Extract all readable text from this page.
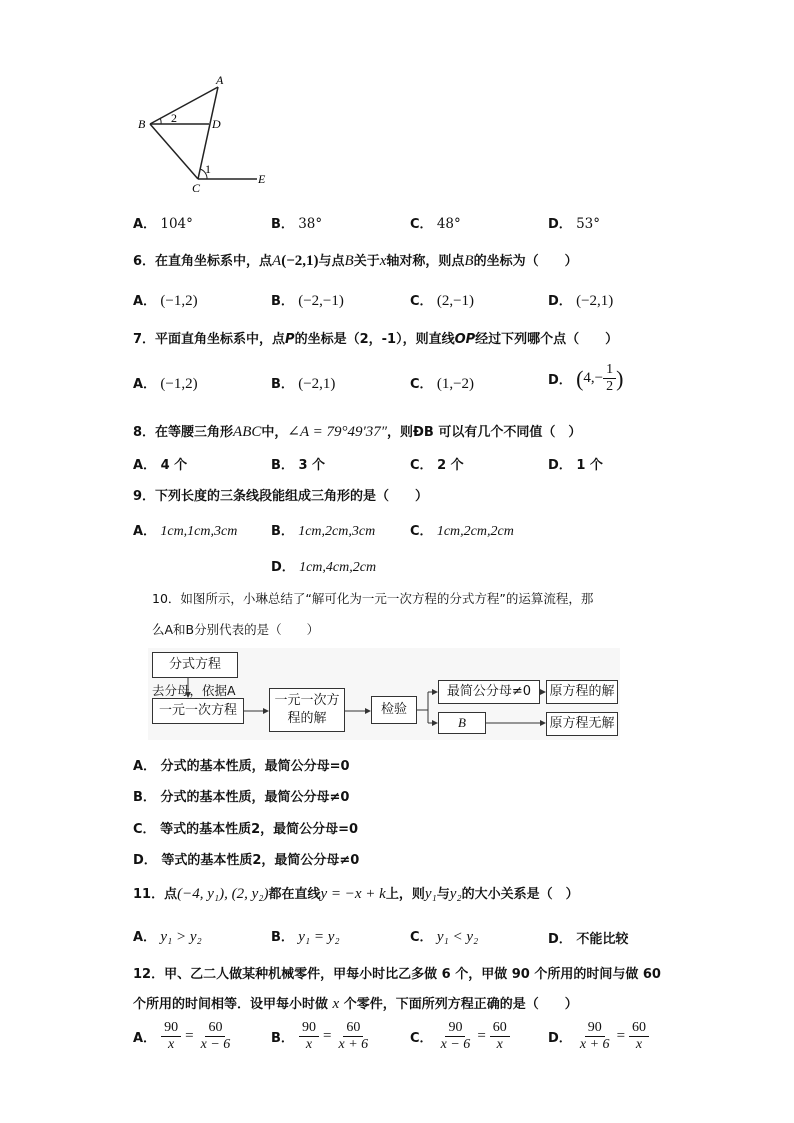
A
B	D
C
E
2
1
A． 104°	B． 38°	C． 48°	D． 53°
6．在直角坐标系中，点A(−2,1)与点B关于x轴对称，则点B的坐标为（　　）
A． (−1,2)	B． (−2,−1)	C． (2,−1)	D． (−2,1)
7．平面直角坐标系中，点P的坐标是（2，-1），则直线OP经过下列哪个点（　　）
A． (−1,2)	B． (−2,1)	C． (1,−2)	D．
( $4,- \frac{1}{2}$ )
8．在等腰三角形ABC中，∠A = 79°49′37″，则ÐB 可以有几个不同值（　）
A． 4 个	B． 3 个	C． 2 个	D． 1 个
9．下列长度的三条线段能组成三角形的是（　　）
A． 1cm,1cm,3cm	B． 1cm,2cm,3cm	C． 1cm,2cm,2cm
D． 1cm,4cm,2cm
10．如图所示，小琳总结了“解可化为一元一次方程的分式方程”的运算流程，那
么A和B分别代表的是（　　）
分式方程
去分母，依据A
一元一次方程
一元一次方程的解
检验
最简公分母≠0
B
原方程的解
原方程无解
A． 分式的基本性质，最简公分母=0
B． 分式的基本性质，最简公分母≠0
C． 等式的基本性质2，最简公分母=0
D． 等式的基本性质2，最简公分母≠0
11．点(−4, y₁), (2, y₂)都在直线y = −x + k上，则y₁与y₂的大小关系是（　）
A． y₁ > y₂	B． y₁ = y₂	C． y₁ < y₂	D． 不能比较
12．甲、乙二人做某种机械零件，甲每小时比乙多做 6 个，甲做 90 个所用的时间与做 60
个所用的时间相等．设甲每小时做 x 个零件，下面所列方程正确的是（　　）
A．
$\frac{90}{x} = \frac{60}{x - 6}$	B．
$\frac{90}{x} = \frac{60}{x + 6}$	C．
$\frac{90}{x - 6} = \frac{60}{x}$	D．
$\frac{90}{x + 6} = \frac{60}{x}$
